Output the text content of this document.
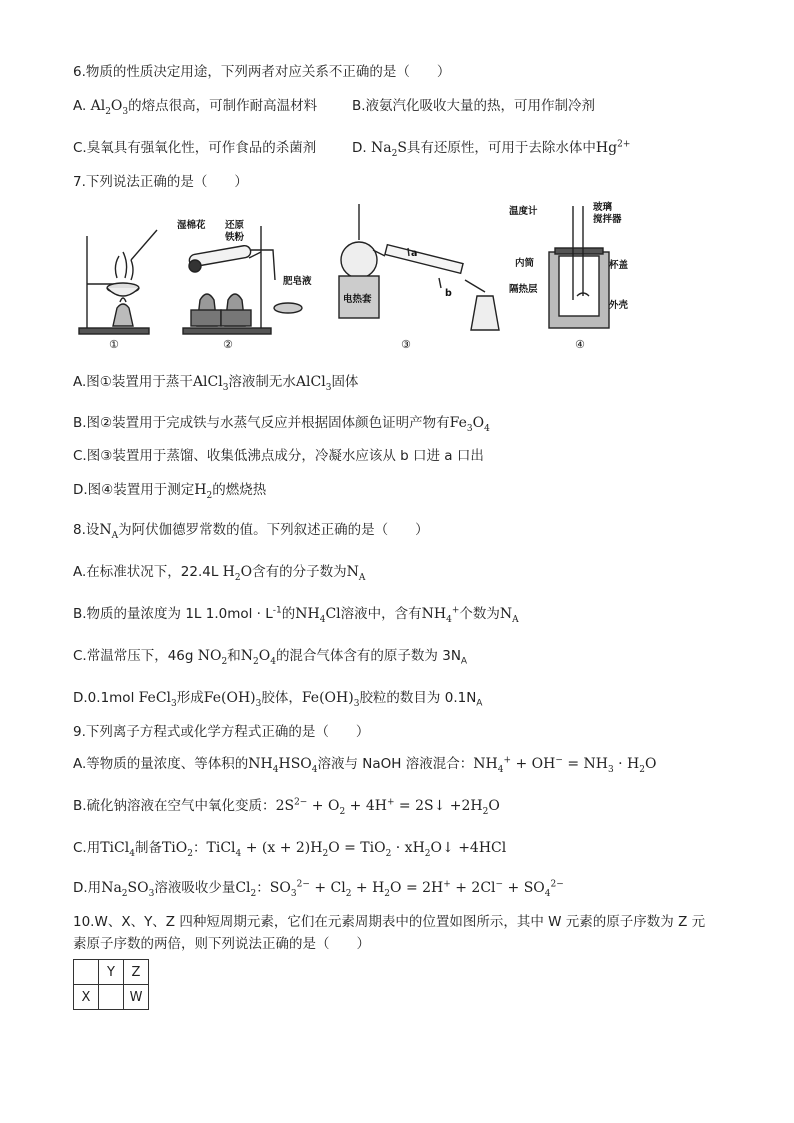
6.物质的性质决定用途，下列两者对应关系不正确的是（　　）
A. $Al_2O_3$的熔点很高，可制作耐高温材料	B.液氨汽化吸收大量的热，可用作制冷剂
C.臭氧具有强氧化性，可作食品的杀菌剂	D. $Na_2S$具有还原性，可用于去除水体中$Hg^{2+}$
7.下列说法正确的是（　　）
①
湿棉花 还原
铁粉
肥皂液
②
电热套
a
b
③
温度计	玻璃
搅拌器
内筒	杯盖
隔热层
外壳
④
A.图①装置用于蒸干AlCl$_3$溶液制无水AlCl$_3$固体
B.图②装置用于完成铁与水蒸气反应并根据固体颜色证明产物有$Fe_3O_4$
C.图③装置用于蒸馏、收集低沸点成分，冷凝水应该从 b 口进 a 口出
D.图④装置用于测定$H_2$的燃烧热
8.设$N_A$为阿伏伽德罗常数的值。下列叙述正确的是（　　）
A.在标准状况下，22.4L $H_2O$含有的分子数为$N_A$
B.物质的量浓度为 1L $1.0mol \cdot L^{-1}$的$NH_4Cl$溶液中，含有$NH_4^+$个数为$N_A$
C.常温常压下，46g $NO_2$和$N_2O_4$的混合气体含有的原子数为 $3N_A$
D.0.1mol FeCl$_3$形成$Fe(OH)_3$胶体，$Fe(OH)_3$胶粒的数目为 $0.1N_A$
9.下列离子方程式或化学方程式正确的是（　　）
A.等物质的量浓度、等体积的$NH_4HSO_4$溶液与 NaOH 溶液混合：$NH_4^+ + OH^- = NH_3 \cdot H_2O$
B.硫化钠溶液在空气中氧化变质：$2S^{2-} + O_2 + 4H^+$ = 2S↓ $+2H_2O$
C.用TiCl$_4$制备TiO$_2$：TiCl$_4$ + $(x + 2)H_2O = TiO_2$ · $xH_2O↓ +4HCl$
D.用$Na_2SO_3$溶液吸收少量$Cl_2$：$SO_3^{2-} + Cl_2 + H_2O = 2H^+ + 2Cl^- + SO_4^{2-}$
10.W、X、Y、Z 四种短周期元素，它们在元素周期表中的位置如图所示，其中 W 元素的原子序数为 Z 元
素原子序数的两倍，则下列说法正确的是（　　）
	Y	Z
X		W
